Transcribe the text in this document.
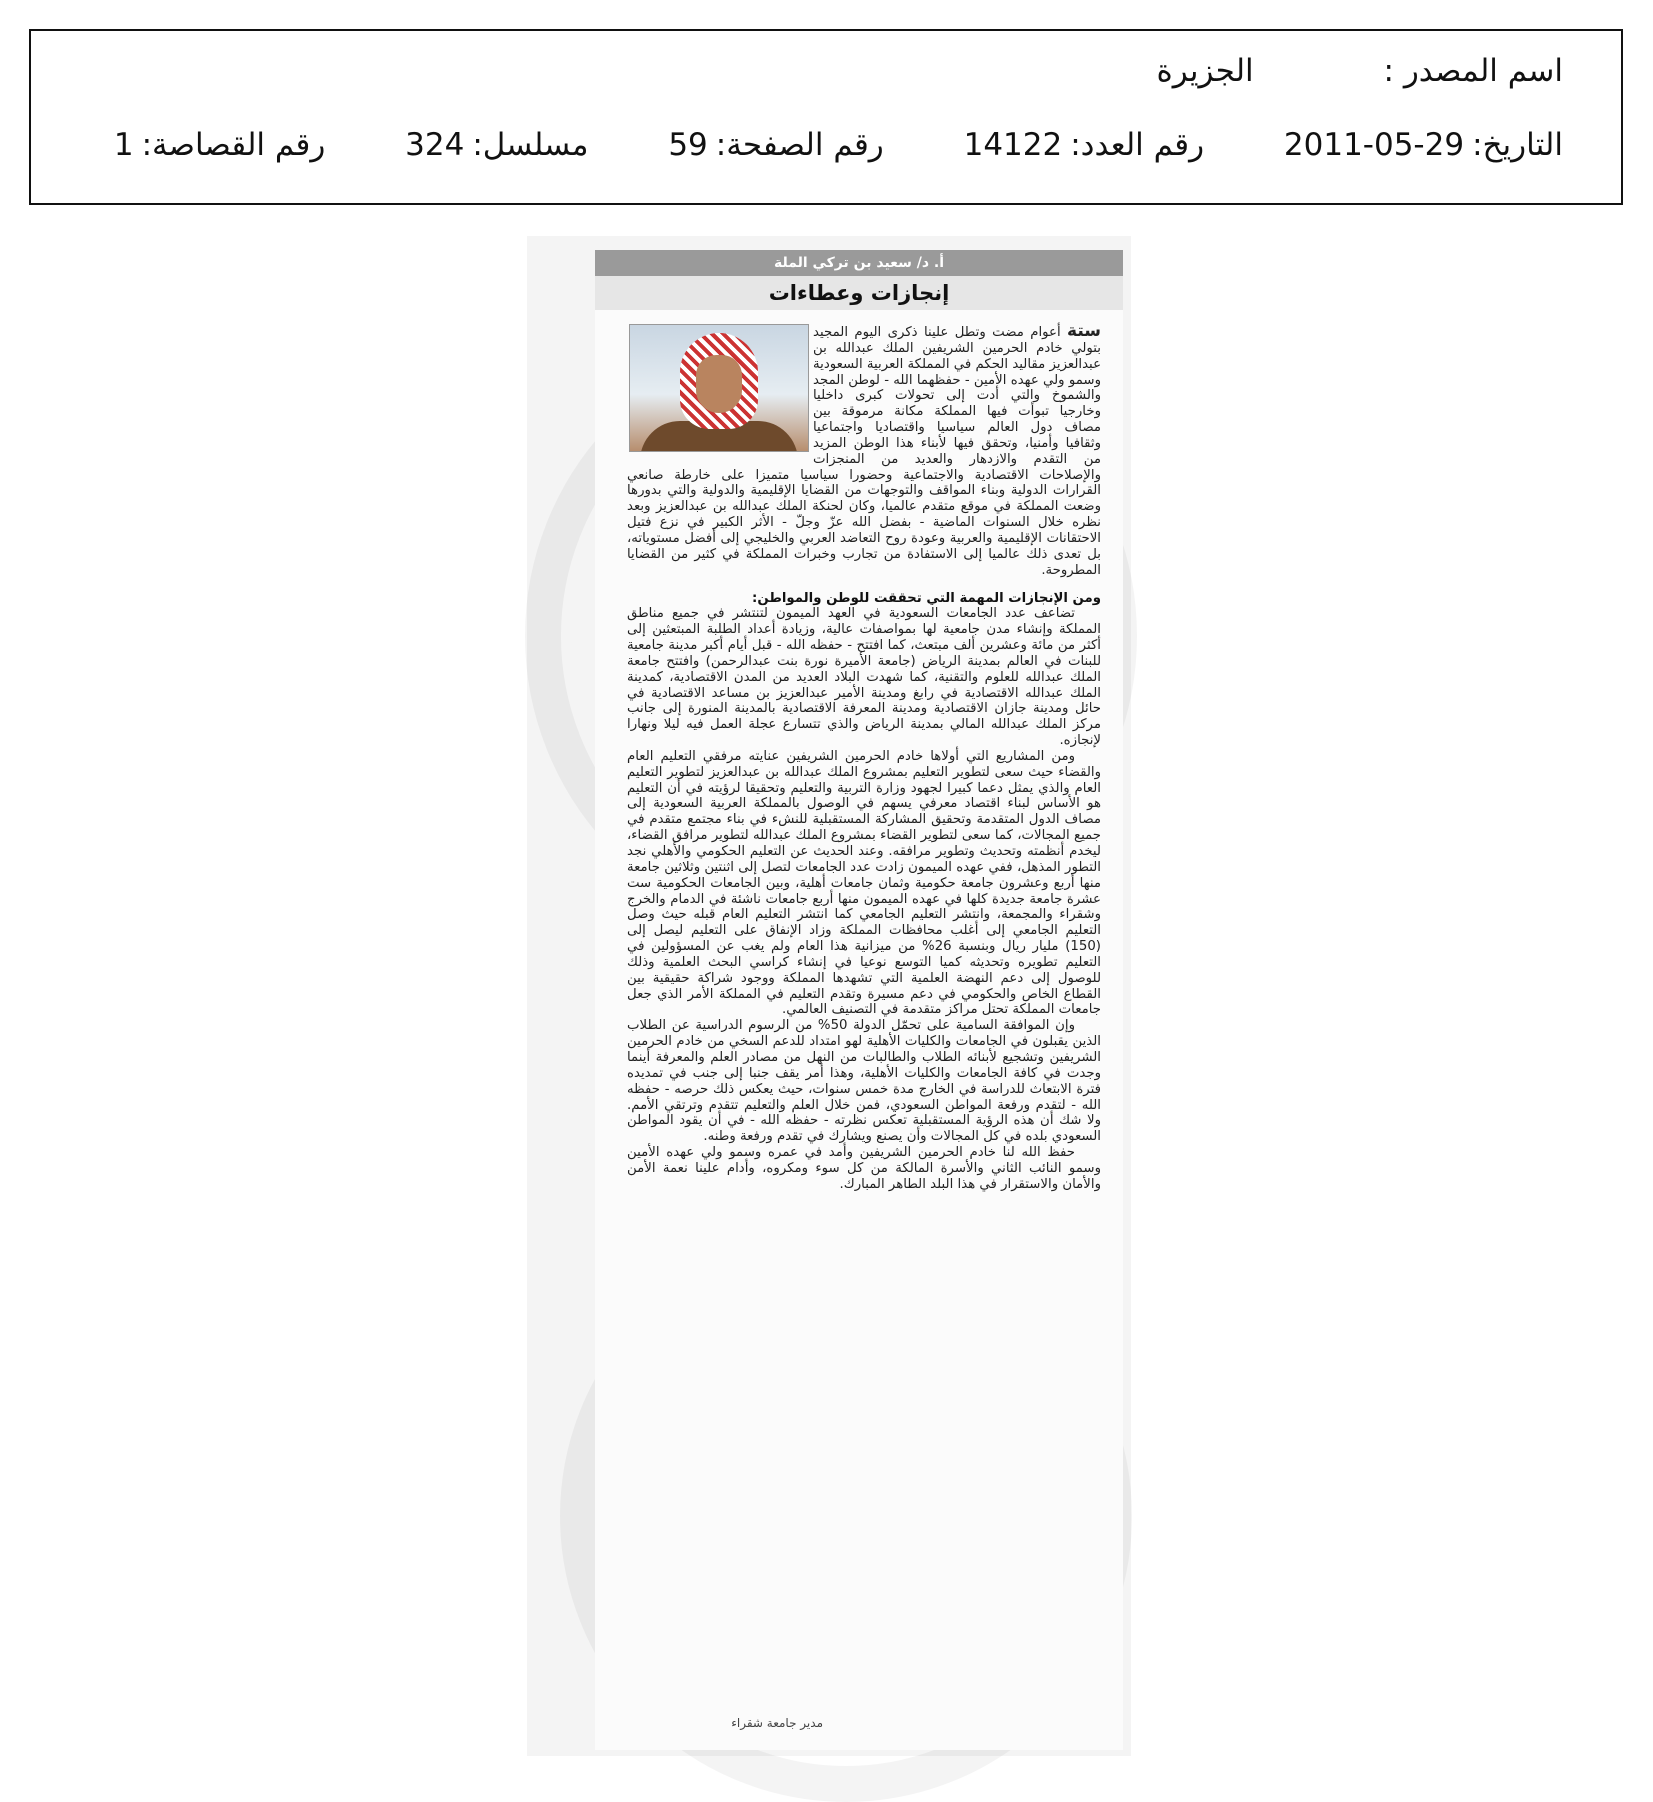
اسم المصدر : الجزيرة
التاريخ:2011-05-29 رقم العدد:14122 رقم الصفحة:59 مسلسل:324 رقم القصاصة:1
أ. د/ سعيد بن تركي الملة
إنجازات وعطاءات

ستة أعوام مضت وتطل علينا ذكرى اليوم المجيد بتولي خادم الحرمين الشريفين الملك عبدالله بن عبدالعزيز مقاليد الحكم في المملكة العربية السعودية وسمو ولي عهده الأمين - حفظهما الله - لوطن المجد والشموخ والتي أدت إلى تحولات كبرى داخليا وخارجيا تبوأت فيها المملكة مكانة مرموقة بين مصاف دول العالم سياسيا واقتصاديا واجتماعيا وثقافيا وأمنيا، وتحقق فيها لأبناء هذا الوطن المزيد من التقدم والازدهار والعديد من المنجزات والإصلاحات الاقتصادية والاجتماعية وحضورا سياسيا متميزا على خارطة صانعي القرارات الدولية وبناء المواقف والتوجهات من القضايا الإقليمية والدولية والتي بدورها وضعت المملكة في موقع متقدم عالميا، وكان لحنكة الملك عبدالله بن عبدالعزيز وبعد نظره خلال السنوات الماضية - بفضل الله عزّ وجلّ - الأثر الكبير في نزع فتيل الاحتقانات الإقليمية والعربية وعودة روح التعاضد العربي والخليجي إلى أفضل مستوياته، بل تعدى ذلك عالميا إلى الاستفادة من تجارب وخبرات المملكة في كثير من القضايا المطروحة.

ومن الإنجازات المهمة التي تحققت للوطن والمواطن:

تضاعف عدد الجامعات السعودية في العهد الميمون لتنتشر في جميع مناطق المملكة وإنشاء مدن جامعية لها بمواصفات عالية، وزيادة أعداد الطلبة المبتعثين إلى أكثر من مائة وعشرين ألف مبتعث، كما افتتح - حفظه الله - قبل أيام أكبر مدينة جامعية للبنات في العالم بمدينة الرياض (جامعة الأميرة نورة بنت عبدالرحمن) وافتتح جامعة الملك عبدالله للعلوم والتقنية، كما شهدت البلاد العديد من المدن الاقتصادية، كمدينة الملك عبدالله الاقتصادية في رابغ ومدينة الأمير عبدالعزيز بن مساعد الاقتصادية في حائل ومدينة جازان الاقتصادية ومدينة المعرفة الاقتصادية بالمدينة المنورة إلى جانب مركز الملك عبدالله المالي بمدينة الرياض والذي تتسارع عجلة العمل فيه ليلا ونهارا لإنجازه.

ومن المشاريع التي أولاها خادم الحرمين الشريفين عنايته مرفقي التعليم العام والقضاء حيث سعى لتطوير التعليم بمشروع الملك عبدالله بن عبدالعزيز لتطوير التعليم العام والذي يمثل دعما كبيرا لجهود وزارة التربية والتعليم وتحقيقا لرؤيته في أن التعليم هو الأساس لبناء اقتصاد معرفي يسهم في الوصول بالمملكة العربية السعودية إلى مصاف الدول المتقدمة وتحقيق المشاركة المستقبلية للنشء في بناء مجتمع متقدم في جميع المجالات، كما سعى لتطوير القضاء بمشروع الملك عبدالله لتطوير مرافق القضاء، ليخدم أنظمته وتحديث وتطوير مرافقه. وعند الحديث عن التعليم الحكومي والأهلي نجد التطور المذهل، ففي عهده الميمون زادت عدد الجامعات لتصل إلى اثنتين وثلاثين جامعة منها أربع وعشرون جامعة حكومية وثمان جامعات أهلية، وبين الجامعات الحكومية ست عشرة جامعة جديدة كلها في عهده الميمون منها أربع جامعات ناشئة في الدمام والخرج وشقراء والمجمعة، وانتشر التعليم الجامعي كما انتشر التعليم العام قبله حيث وصل التعليم الجامعي إلى أغلب محافظات المملكة وزاد الإنفاق على التعليم ليصل إلى (150) مليار ريال وبنسبة 26% من ميزانية هذا العام ولم يغب عن المسؤولين في التعليم تطويره وتحديثه كميا التوسع نوعيا في إنشاء كراسي البحث العلمية وذلك للوصول إلى دعم النهضة العلمية التي تشهدها المملكة ووجود شراكة حقيقية بين القطاع الخاص والحكومي في دعم مسيرة وتقدم التعليم في المملكة الأمر الذي جعل جامعات المملكة تحتل مراكز متقدمة في التصنيف العالمي.

وإن الموافقة السامية على تحمّل الدولة 50% من الرسوم الدراسية عن الطلاب الذين يقبلون في الجامعات والكليات الأهلية لهو امتداد للدعم السخي من خادم الحرمين الشريفين وتشجيع لأبنائه الطلاب والطالبات من النهل من مصادر العلم والمعرفة أينما وجدت في كافة الجامعات والكليات الأهلية، وهذا أمر يقف جنبا إلى جنب في تمديده فترة الابتعاث للدراسة في الخارج مدة خمس سنوات، حيث يعكس ذلك حرصه - حفظه الله - لتقدم ورفعة المواطن السعودي، فمن خلال العلم والتعليم تتقدم وترتقي الأمم. ولا شك أن هذه الرؤية المستقبلية تعكس نظرته - حفظه الله - في أن يقود المواطن السعودي بلده في كل المجالات وأن يصنع ويشارك في تقدم ورفعة وطنه.

حفظ الله لنا خادم الحرمين الشريفين وأمد في عمره وسمو ولي عهده الأمين وسمو النائب الثاني والأسرة المالكة من كل سوء ومكروه، وأدام علينا نعمة الأمن والأمان والاستقرار في هذا البلد الطاهر المبارك.

مدير جامعة شقراء
